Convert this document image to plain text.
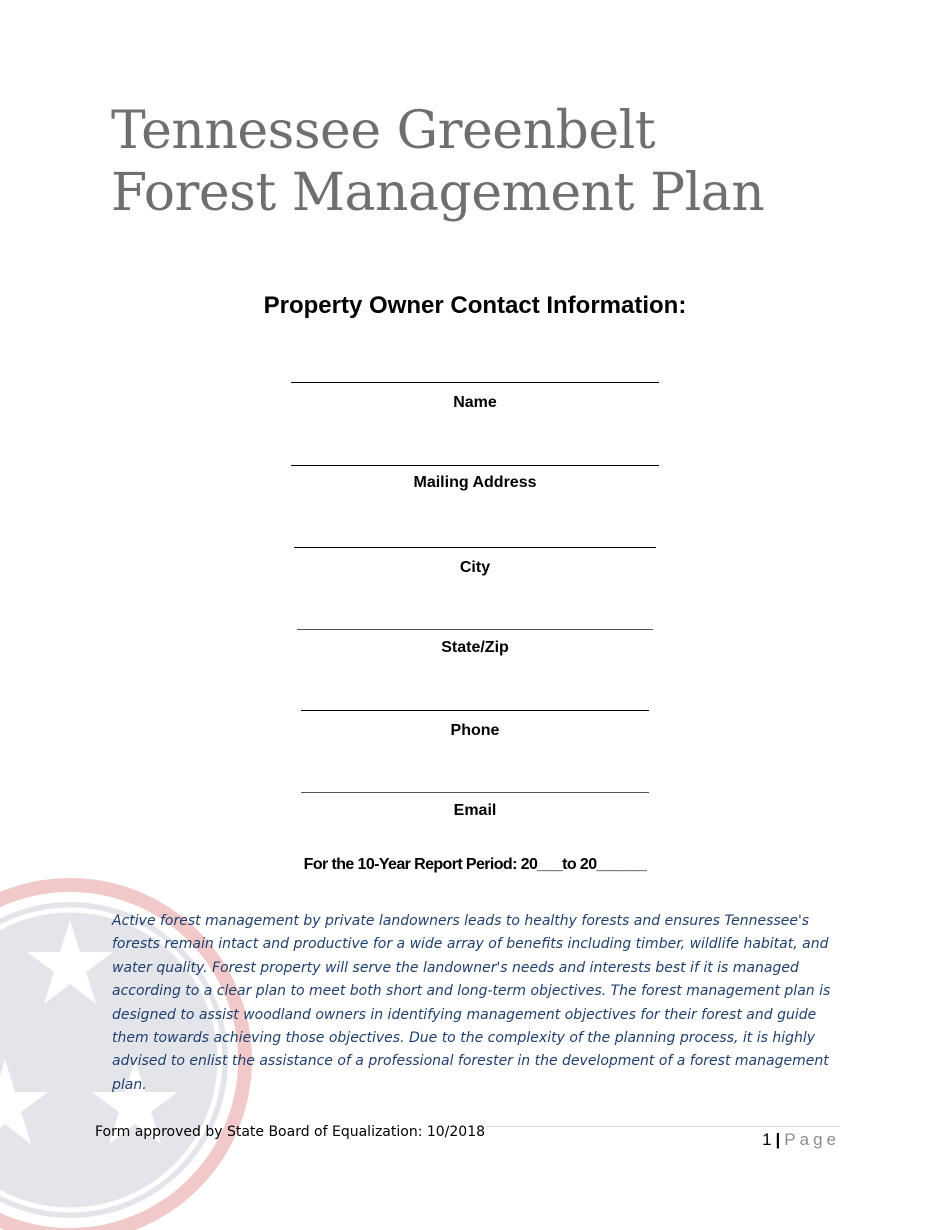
Tennessee Greenbelt
Forest Management Plan
Property Owner Contact Information:
Name
Mailing Address
City
State/Zip
Phone
Email
For the 10-Year Report Period: 20___to 20______

Active forest management by private landowners leads to healthy forests and ensures Tennessee's forests remain intact and productive for a wide array of benefits including timber, wildlife habitat, and water quality. Forest property will serve the landowner's needs and interests best if it is managed according to a clear plan to meet both short and long-term objectives. The forest management plan is designed to assist woodland owners in identifying management objectives for their forest and guide them towards achieving those objectives. Due to the complexity of the planning process, it is highly advised to enlist the assistance of a professional forester in the development of a forest management plan.

Form approved by State Board of Equalization: 10/2018	1 | Page
